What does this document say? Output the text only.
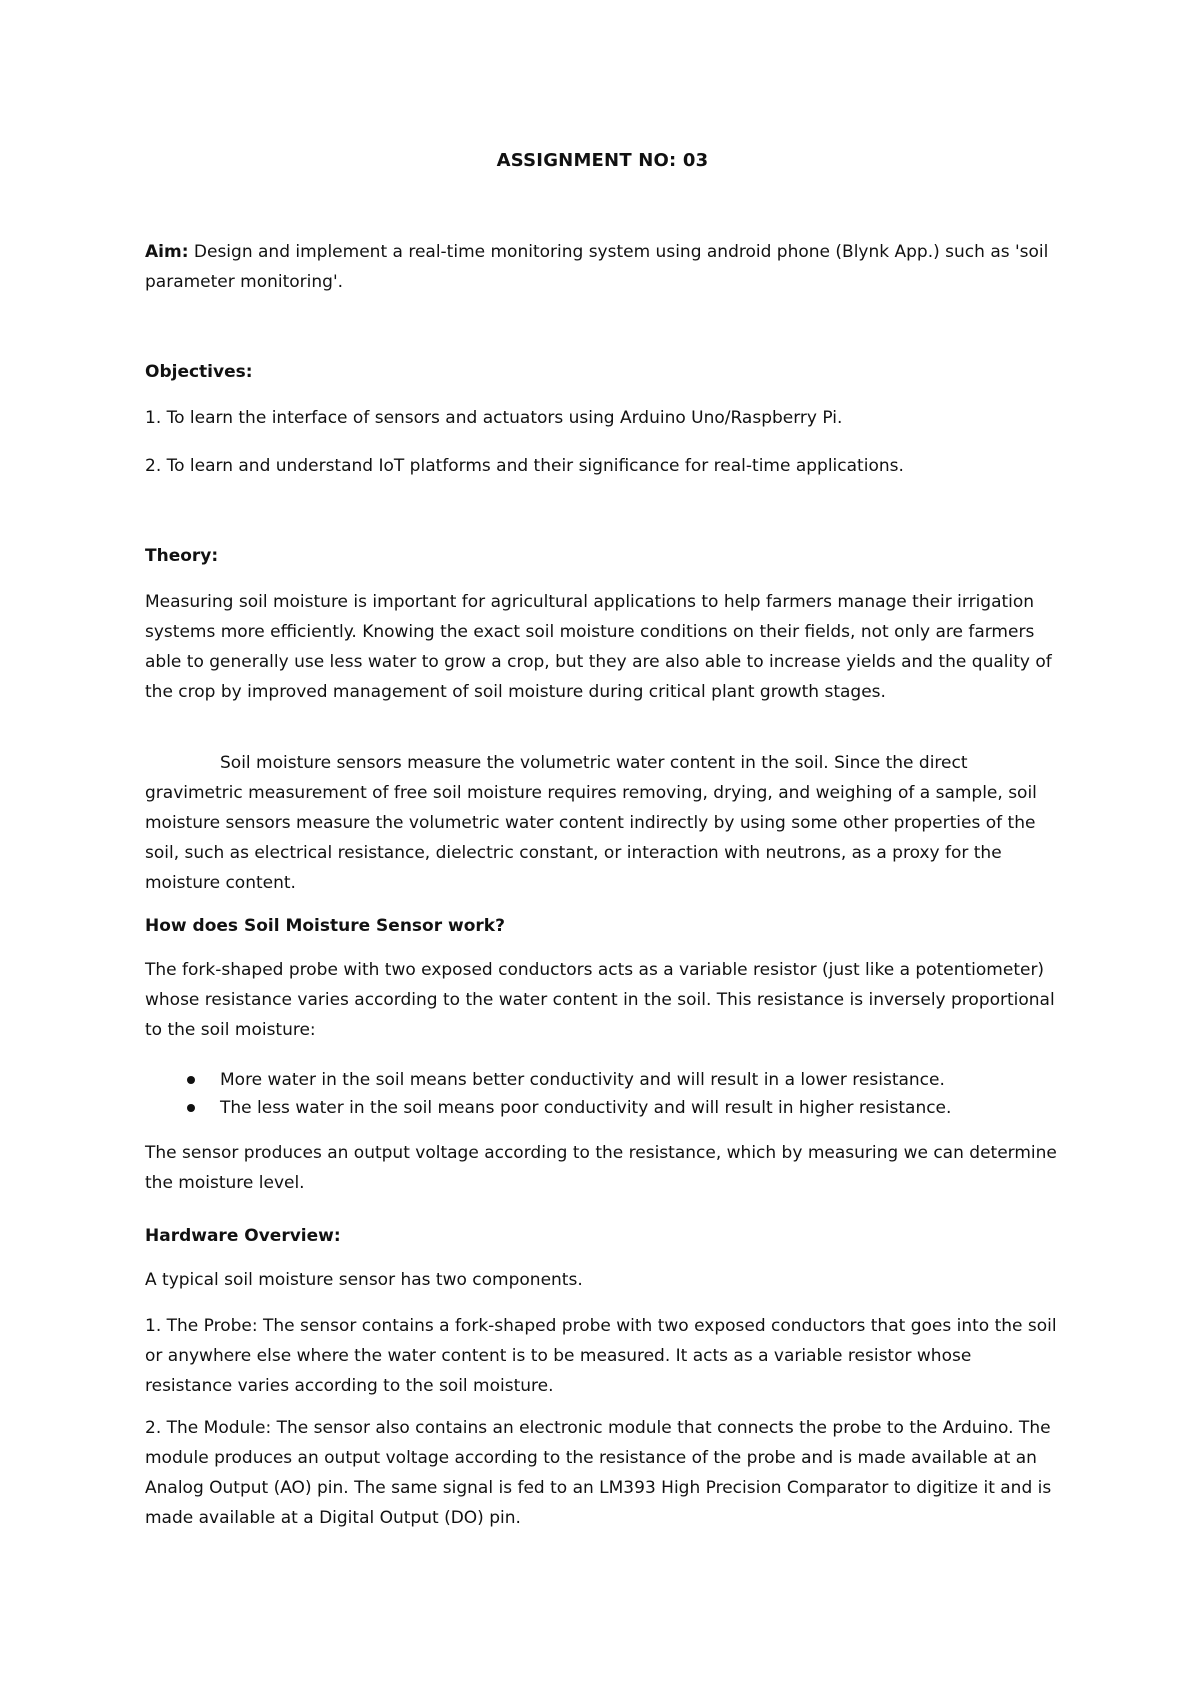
ASSIGNMENT NO: 03

Aim: Design and implement a real-time monitoring system using android phone (Blynk App.) such as 'soil parameter monitoring'.

Objectives:
1. To learn the interface of sensors and actuators using Arduino Uno/Raspberry Pi.
2. To learn and understand IoT platforms and their significance for real-time applications.
Theory:

Measuring soil moisture is important for agricultural applications to help farmers manage their irrigation systems more efficiently. Knowing the exact soil moisture conditions on their fields, not only are farmers able to generally use less water to grow a crop, but they are also able to increase yields and the quality of the crop by improved management of soil moisture during critical plant growth stages.

Soil moisture sensors measure the volumetric water content in the soil. Since the direct gravimetric measurement of free soil moisture requires removing, drying, and weighing of a sample, soil moisture sensors measure the volumetric water content indirectly by using some other properties of the soil, such as electrical resistance, dielectric constant, or interaction with neutrons, as a proxy for the moisture content.

How does Soil Moisture Sensor work?

The fork-shaped probe with two exposed conductors acts as a variable resistor (just like a potentiometer) whose resistance varies according to the water content in the soil. This resistance is inversely proportional to the soil moisture:

More water in the soil means better conductivity and will result in a lower resistance.
The less water in the soil means poor conductivity and will result in higher resistance.

The sensor produces an output voltage according to the resistance, which by measuring we can determine the moisture level.

Hardware Overview:
A typical soil moisture sensor has two components.

1. The Probe: The sensor contains a fork-shaped probe with two exposed conductors that goes into the soil or anywhere else where the water content is to be measured. It acts as a variable resistor whose resistance varies according to the soil moisture.

2. The Module: The sensor also contains an electronic module that connects the probe to the Arduino. The module produces an output voltage according to the resistance of the probe and is made available at an Analog Output (AO) pin. The same signal is fed to an LM393 High Precision Comparator to digitize it and is made available at a Digital Output (DO) pin.
